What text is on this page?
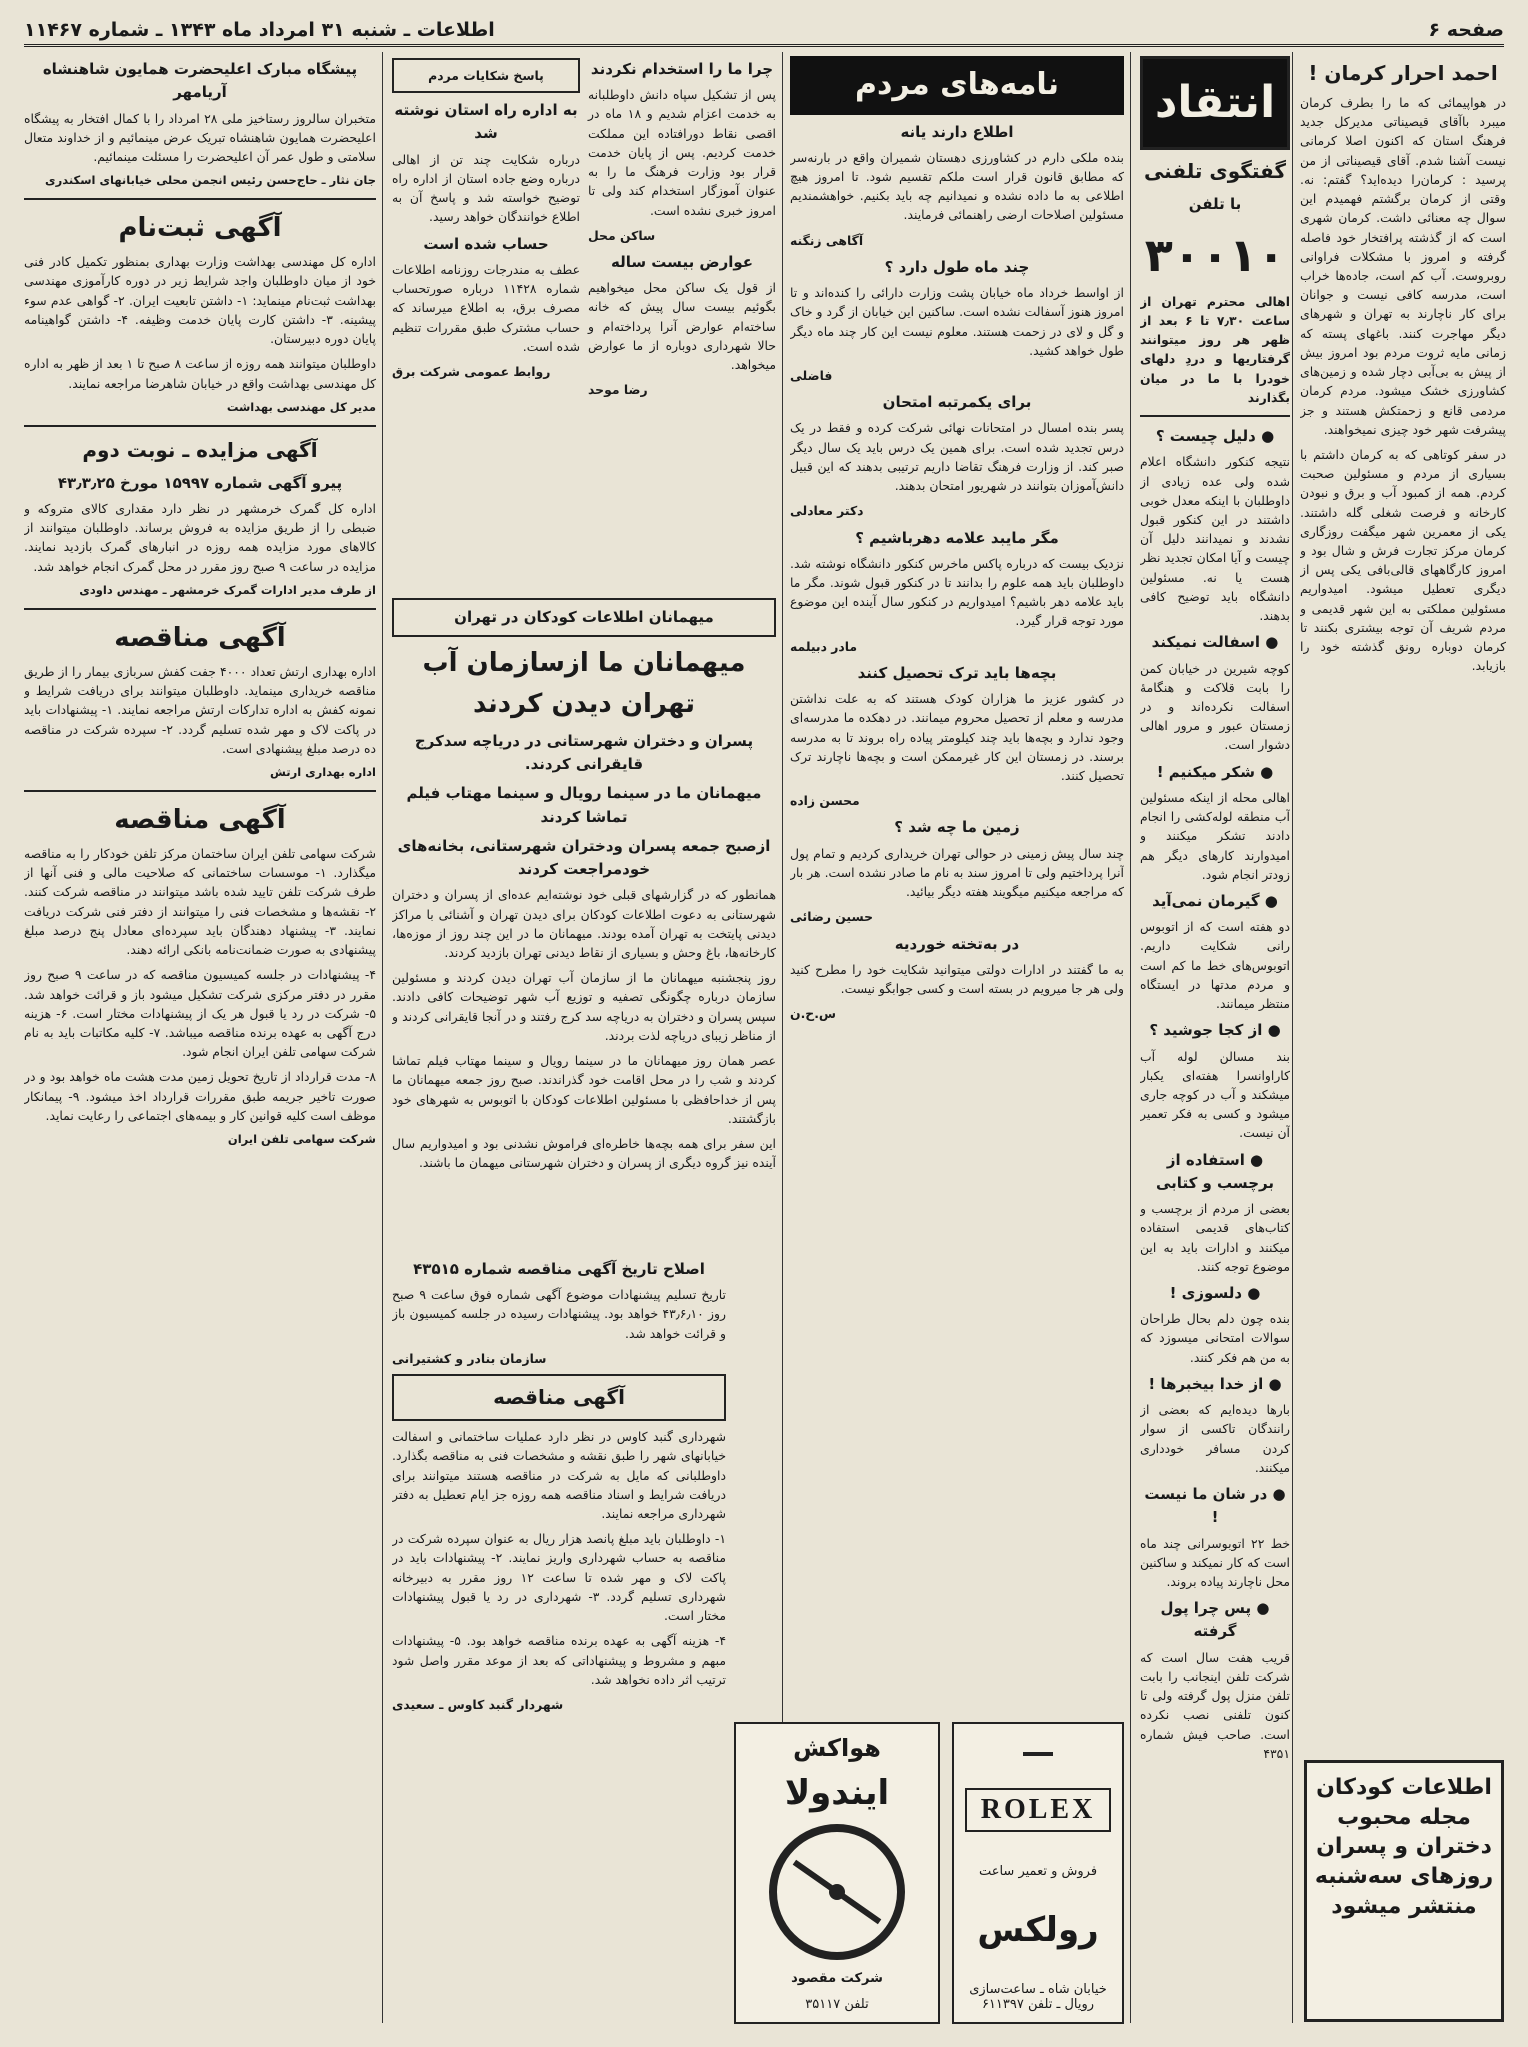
اطلاعات ـ شنبه ۳۱ امرداد ماه ۱۳۴۳ ـ شماره ۱۱۴۶۷	صفحه ۶
انتقاد
گفتگوی تلفنی
با تلفن
۳۰۰۱۰

اهالی محترم تهران از ساعت ۷٫۳۰ تا ۶ بعد از ظهر هر روز میتوانند گرفتاریها و دردِ دلهای خودرا با ما در میان بگذارند

● دلیل چیست ؟

نتیجه کنکور دانشگاه اعلام شده ولی عده زیادی از داوطلبان با اینکه معدل خوبی داشتند در این کنکور قبول نشدند و نمیدانند دلیل آن چیست و آیا امکان تجدید نظر هست یا نه. مسئولین دانشگاه باید توضیح کافی بدهند.

● اسفالت نمیکند

کوچه شیرین در خیابان کمن را بابت قلاکت و هنگامهٔ اسفالت نکرده‌اند و در زمستان عبور و مرور اهالی دشوار است.

● شکر میکنیم !

اهالی محله از اینکه مسئولین آب منطقه لوله‌کشی را انجام دادند تشکر میکنند و امیدوارند کارهای دیگر هم زودتر انجام شود.

● گیرمان نمی‌آید

دو هفته است که از اتوبوس رانی شکایت داریم. اتوبوس‌های خط ما کم است و مردم مدتها در ایستگاه منتظر میمانند.

● از کجا جوشید ؟

بند مسالن لوله آب کاراوانسرا هفته‌ای یکبار میشکند و آب در کوچه جاری میشود و کسی به فکر تعمیر آن نیست.

● استفاده از برچسب و کتابی

بعضی از مردم از برچسب و کتاب‌های قدیمی استفاده میکنند و ادارات باید به این موضوع توجه کنند.

● دلسوزی !

بنده چون دلم بحال طراحان سوالات امتحانی میسوزد که به من هم فکر کنند.

● از خدا بیخبرها !

بارها دیده‌ایم که بعضی از رانندگان تاکسی از سوار کردن مسافر خودداری میکنند.

● در شان ما نیست !

خط ۲۲ اتوبوسرانی چند ماه است که کار نمیکند و ساکنین محل ناچارند پیاده بروند.

● پس چرا پول گرفته

قریب هفت سال است که شرکت تلفن اینجانب را بابت تلفن منزل پول گرفته ولی تا کنون تلفنی نصب نکرده است. صاحب فیش شماره ۴۳۵۱

احمد احرار کرمان !

در هواپیمائی که ما را بطرف کرمان میبرد باآقای قیصیناتی مدیرکل جدید فرهنگ استان که اکنون اصلا کرمانی نیست آشنا شدم. آقای قیصیناتی از من پرسید : کرمان‌را دیده‌اید؟ گفتم: نه. وقتی از کرمان برگشتم فهمیدم این سوال چه معنائی داشت. کرمان شهری است که از گذشته پرافتخار خود فاصله گرفته و امروز با مشکلات فراوانی روبروست. آب کم است، جاده‌ها خراب است، مدرسه کافی نیست و جوانان برای کار ناچارند به تهران و شهرهای دیگر مهاجرت کنند. باغهای پسته که زمانی مایه ثروت مردم بود امروز بیش از پیش به بی‌آبی دچار شده و زمین‌های کشاورزی خشک میشود. مردم کرمان مردمی قانع و زحمتکش هستند و جز پیشرفت شهر خود چیزی نمیخواهند.

در سفر کوتاهی که به کرمان داشتم با بسیاری از مردم و مسئولین صحبت کردم. همه از کمبود آب و برق و نبودن کارخانه و فرصت شغلی گله داشتند. یکی از معمرین شهر میگفت روزگاری کرمان مرکز تجارت فرش و شال بود و امروز کارگاههای قالی‌بافی یکی پس از دیگری تعطیل میشود. امیدواریم مسئولین مملکتی به این شهر قدیمی و مردم شریف آن توجه بیشتری بکنند تا کرمان دوباره رونق گذشته خود را بازیابد.

اطلاعات کودکان مجله محبوب دختران و پسران روزهای سه‌شنبه منتشر میشود
نامه‌های مردم
اطلاع دارند یانه

بنده ملکی دارم در کشاورزی دهستان شمیران واقع در بارنه‌سر که مطابق قانون قرار است ملکم تقسیم شود. تا امروز هیچ اطلاعی به ما داده نشده و نمیدانیم چه باید بکنیم. خواهشمندیم مسئولین اصلاحات ارضی راهنمائی فرمایند.

آگاهی زنگنه

چند ماه طول دارد ؟

از اواسط خرداد ماه خیابان پشت وزارت دارائی را کنده‌اند و تا امروز هنوز آسفالت نشده است. ساکنین این خیابان از گرد و خاک و گل و لای در زحمت هستند. معلوم نیست این کار چند ماه دیگر طول خواهد کشید.

فاضلی

برای یکمرتبه امتحان

پسر بنده امسال در امتحانات نهائی شرکت کرده و فقط در یک درس تجدید شده است. برای همین یک درس باید یک سال دیگر صبر کند. از وزارت فرهنگ تقاضا داریم ترتیبی بدهند که این قبیل دانش‌آموزان بتوانند در شهریور امتحان بدهند.

دکتر معادلی

مگر مایبد علامه دهرباشیم ؟

نزدیک بیست که درباره پاکس ماخرس کنکور دانشگاه نوشته شد. داوطلبان باید همه علوم را بدانند تا در کنکور قبول شوند. مگر ما باید علامه دهر باشیم؟ امیدواریم در کنکور سال آینده این موضوع مورد توجه قرار گیرد.

مادر دبیلمه

بچه‌ها باید ترک تحصیل کنند

در کشور عزیز ما هزاران کودک هستند که به علت نداشتن مدرسه و معلم از تحصیل محروم میمانند. در دهکده ما مدرسه‌ای وجود ندارد و بچه‌ها باید چند کیلومتر پیاده راه بروند تا به مدرسه برسند. در زمستان این کار غیرممکن است و بچه‌ها ناچارند ترک تحصیل کنند.

محسن زاده

زمین ما چه شد ؟

چند سال پیش زمینی در حوالی تهران خریداری کردیم و تمام پول آنرا پرداختیم ولی تا امروز سند به نام ما صادر نشده است. هر بار که مراجعه میکنیم میگویند هفته دیگر بیائید.

حسین رضائی

در به‌تخته خوردیه

به ما گفتند در ادارات دولتی میتوانید شکایت خود را مطرح کنید ولی هر جا میرویم در بسته است و کسی جوابگو نیست.

س.ح.ن

ROLEX
فروش و تعمیر ساعت
رولکس
خیابان شاه ـ ساعت‌سازی رویال ـ تلفن ۶۱۱۳۹۷
هواکش
ایندولا
شرکت مقصود
تلفن ۳۵۱۱۷
چرا ما را استخدام نکردند

پس از تشکیل سپاه دانش داوطلبانه به خدمت اعزام شدیم و ۱۸ ماه در اقصی نقاط دورافتاده این مملکت خدمت کردیم. پس از پایان خدمت قرار بود وزارت فرهنگ ما را به عنوان آموزگار استخدام کند ولی تا امروز خبری نشده است.

ساکن محل

عوارض بیست ساله

از قول یک ساکن محل میخواهیم بگوئیم بیست سال پیش که خانه ساخته‌ام عوارض آنرا پرداخته‌ام و حالا شهرداری دوباره از ما عوارض میخواهد.

رضا موحد

پاسخ شکایات مردم
به اداره راه استان نوشته شد

درباره شکایت چند تن از اهالی درباره وضع جاده استان از اداره راه توضیح خواسته شد و پاسخ آن به اطلاع خوانندگان خواهد رسید.

حساب شده است

عطف به مندرجات روزنامه اطلاعات شماره ۱۱۴۲۸ درباره صورتحساب مصرف برق، به اطلاع میرساند که حساب مشترک طبق مقررات تنظیم شده است.

روابط عمومی شرکت برق

میهمانان اطلاعات کودکان در تهران
میهمانان ما ازسازمان آب تهران دیدن کردند
پسران و دختران شهرستانی در دریاچه سدکرج قایقرانی کردند.
میهمانان ما در سینما رویال و سینما مهتاب فیلم تماشا کردند
ازصبح جمعه پسران ودختران شهرستانی، بخانه‌های خودمراجعت کردند

همانطور که در گزارشهای قبلی خود نوشته‌ایم عده‌ای از پسران و دختران شهرستانی به دعوت اطلاعات کودکان برای دیدن تهران و آشنائی با مراکز دیدنی پایتخت به تهران آمده بودند. میهمانان ما در این چند روز از موزه‌ها، کارخانه‌ها، باغ وحش و بسیاری از نقاط دیدنی تهران بازدید کردند.

روز پنجشنبه میهمانان ما از سازمان آب تهران دیدن کردند و مسئولین سازمان درباره چگونگی تصفیه و توزیع آب شهر توضیحات کافی دادند. سپس پسران و دختران به دریاچه سد کرج رفتند و در آنجا قایقرانی کردند و از مناظر زیبای دریاچه لذت بردند.

عصر همان روز میهمانان ما در سینما رویال و سینما مهتاب فیلم تماشا کردند و شب را در محل اقامت خود گذراندند. صبح روز جمعه میهمانان ما پس از خداحافظی با مسئولین اطلاعات کودکان با اتوبوس به شهرهای خود بازگشتند.

این سفر برای همه بچه‌ها خاطره‌ای فراموش نشدنی بود و امیدواریم سال آینده نیز گروه دیگری از پسران و دختران شهرستانی میهمان ما باشند.

اصلاح تاریخ آگهی مناقصه شماره ۴۳۵۱۵

تاریخ تسلیم پیشنهادات موضوع آگهی شماره فوق ساعت ۹ صبح روز ۴۳٫۶٫۱۰ خواهد بود. پیشنهادات رسیده در جلسه کمیسیون باز و قرائت خواهد شد.

سازمان بنادر و کشتیرانی

آگهی مناقصه

شهرداری گنبد کاوس در نظر دارد عملیات ساختمانی و اسفالت خیابانهای شهر را طبق نقشه و مشخصات فنی به مناقصه بگذارد. داوطلبانی که مایل به شرکت در مناقصه هستند میتوانند برای دریافت شرایط و اسناد مناقصه همه روزه جز ایام تعطیل به دفتر شهرداری مراجعه نمایند.

۱- داوطلبان باید مبلغ پانصد هزار ریال به عنوان سپرده شرکت در مناقصه به حساب شهرداری واریز نمایند. ۲- پیشنهادات باید در پاکت لاک و مهر شده تا ساعت ۱۲ روز مقرر به دبیرخانه شهرداری تسلیم گردد. ۳- شهرداری در رد یا قبول پیشنهادات مختار است.

۴- هزینه آگهی به عهده برنده مناقصه خواهد بود. ۵- پیشنهادات مبهم و مشروط و پیشنهاداتی که بعد از موعد مقرر واصل شود ترتیب اثر داده نخواهد شد.

شهردار گنبد کاوس ـ سعیدی

پیشگاه مبارک اعلیحضرت همایون شاهنشاه آریامهر

متخبران سالروز رستاخیز ملی ۲۸ امرداد را با کمال افتخار به پیشگاه اعلیحضرت همایون شاهنشاه تبریک عرض مینمائیم و از خداوند متعال سلامتی و طول عمر آن اعلیحضرت را مسئلت مینمائیم.

جان نثار ـ حاج‌حسن رئیس انجمن محلی خیابانهای اسکندری

آگهی ثبت‌نام

اداره کل مهندسی بهداشت وزارت بهداری بمنظور تکمیل کادر فنی خود از میان داوطلبان واجد شرایط زیر در دوره کارآموزی مهندسی بهداشت ثبت‌نام مینماید: ۱- داشتن تابعیت ایران. ۲- گواهی عدم سوء پیشینه. ۳- داشتن کارت پایان خدمت وظیفه. ۴- داشتن گواهینامه پایان دوره دبیرستان.

داوطلبان میتوانند همه روزه از ساعت ۸ صبح تا ۱ بعد از ظهر به اداره کل مهندسی بهداشت واقع در خیابان شاهرضا مراجعه نمایند.

مدیر کل مهندسی بهداشت

آگهی مزایده ـ نوبت دوم
پیرو آگهی شماره ۱۵۹۹۷ مورخ ۴۳٫۳٫۲۵

اداره کل گمرک خرمشهر در نظر دارد مقداری کالای متروکه و ضبطی را از طریق مزایده به فروش برساند. داوطلبان میتوانند از کالاهای مورد مزایده همه روزه در انبارهای گمرک بازدید نمایند. مزایده در ساعت ۹ صبح روز مقرر در محل گمرک انجام خواهد شد.

از طرف مدیر ادارات گمرک خرمشهر ـ مهندس داودی

آگهی مناقصه

اداره بهداری ارتش تعداد ۴۰۰۰ جفت کفش سربازی بیمار را از طریق مناقصه خریداری مینماید. داوطلبان میتوانند برای دریافت شرایط و نمونه کفش به اداره تدارکات ارتش مراجعه نمایند. ۱- پیشنهادات باید در پاکت لاک و مهر شده تسلیم گردد. ۲- سپرده شرکت در مناقصه ده درصد مبلغ پیشنهادی است.

اداره بهداری ارتش

آگهی مناقصه

شرکت سهامی تلفن ایران ساختمان مرکز تلفن خودکار را به مناقصه میگذارد. ۱- موسسات ساختمانی که صلاحیت مالی و فنی آنها از طرف شرکت تلفن تایید شده باشد میتوانند در مناقصه شرکت کنند. ۲- نقشه‌ها و مشخصات فنی را میتوانند از دفتر فنی شرکت دریافت نمایند. ۳- پیشنهاد دهندگان باید سپرده‌ای معادل پنج درصد مبلغ پیشنهادی به صورت ضمانت‌نامه بانکی ارائه دهند.

۴- پیشنهادات در جلسه کمیسیون مناقصه که در ساعت ۹ صبح روز مقرر در دفتر مرکزی شرکت تشکیل میشود باز و قرائت خواهد شد. ۵- شرکت در رد یا قبول هر یک از پیشنهادات مختار است. ۶- هزینه درج آگهی به عهده برنده مناقصه میباشد. ۷- کلیه مکاتبات باید به نام شرکت سهامی تلفن ایران انجام شود.

۸- مدت قرارداد از تاریخ تحویل زمین مدت هشت ماه خواهد بود و در صورت تاخیر جریمه طبق مقررات قرارداد اخذ میشود. ۹- پیمانکار موظف است کلیه قوانین کار و بیمه‌های اجتماعی را رعایت نماید.

شرکت سهامی تلفن ایران
